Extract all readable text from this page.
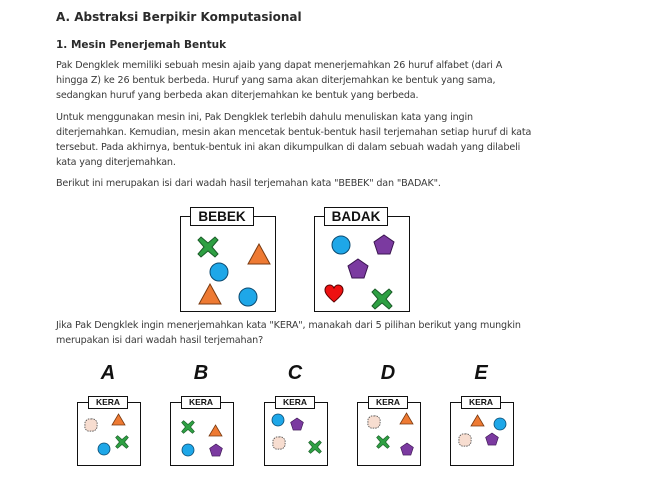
A. Abstraksi Berpikir Komputasional
1. Mesin Penerjemah Bentuk

Pak Dengklek memiliki sebuah mesin ajaib yang dapat menerjemahkan 26 huruf alfabet (dari A hingga Z) ke 26 bentuk berbeda. Huruf yang sama akan diterjemahkan ke bentuk yang sama, sedangkan huruf yang berbeda akan diterjemahkan ke bentuk yang berbeda.

Untuk menggunakan mesin ini, Pak Dengklek terlebih dahulu menuliskan kata yang ingin diterjemahkan. Kemudian, mesin akan mencetak bentuk-bentuk hasil terjemahan setiap huruf di kata tersebut. Pada akhirnya, bentuk-bentuk ini akan dikumpulkan di dalam sebuah wadah yang dilabeli kata yang diterjemahkan.

Berikut ini merupakan isi dari wadah hasil terjemahan kata "BEBEK" dan "BADAK".

BEBEK	BADAK

Jika Pak Dengklek ingin menerjemahkan kata "KERA", manakah dari 5 pilihan berikut yang mungkin merupakan isi dari wadah hasil terjemahan?

A	B	C	D	E
KERA	KERA	KERA	KERA	KERA
